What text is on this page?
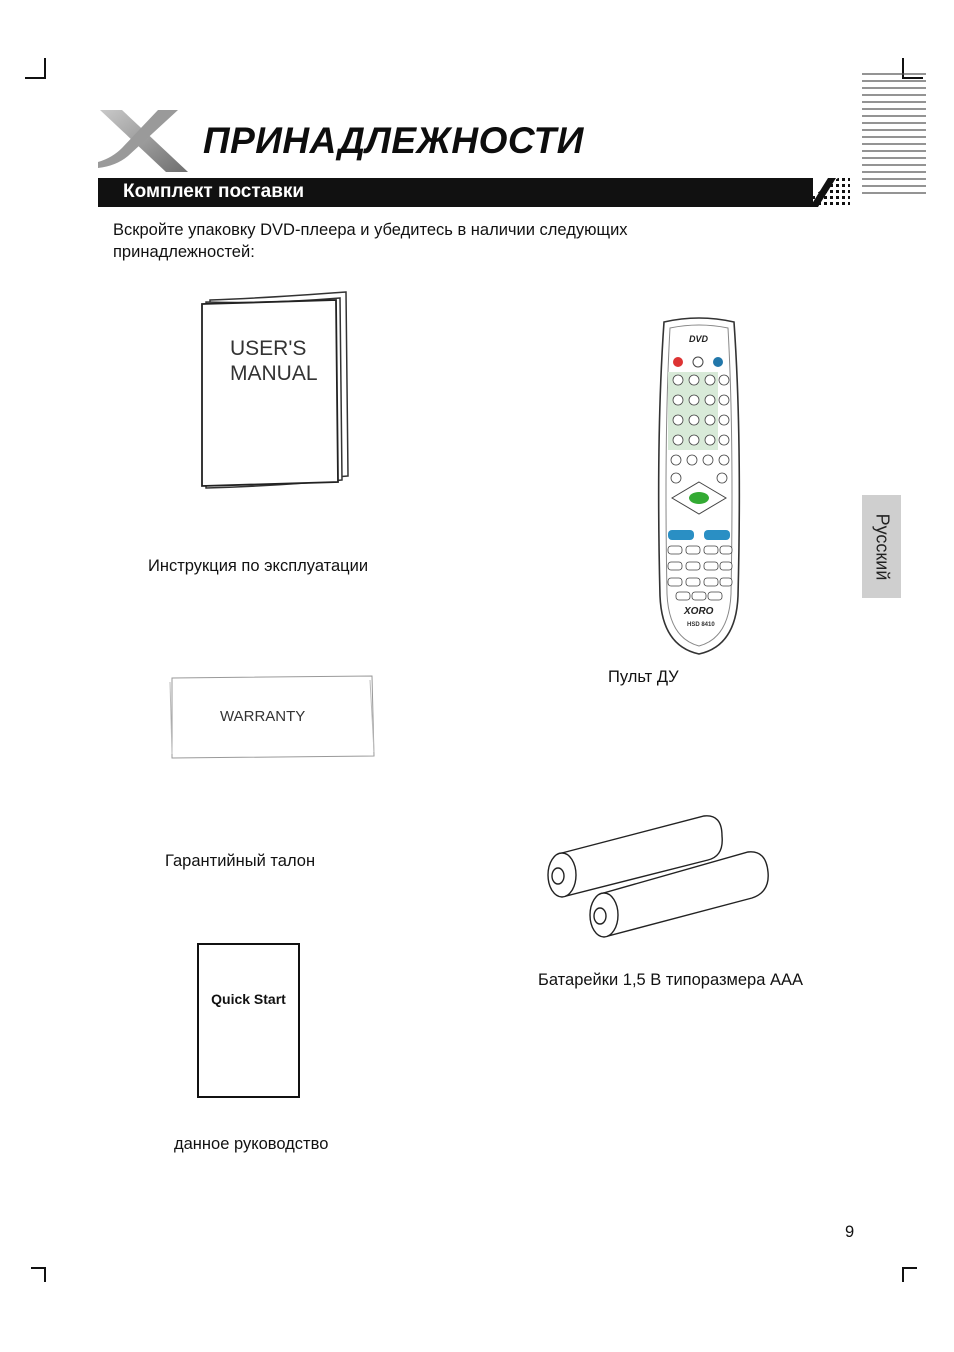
ПРИНАДЛЕЖНОСТИ
Комплект поставки
Вскройте упаковку DVD-плеера и убедитесь в наличии следующих
принадлежностей:
USER'S
MANUAL
Инструкция по эксплуатации
DVD
XORO
HSD 8410
Пульт ДУ
WARRANTY
Гарантийный талон
Батарейки 1,5 В типоразмера ААА
Quick Start
данное руководство
Русский
9
